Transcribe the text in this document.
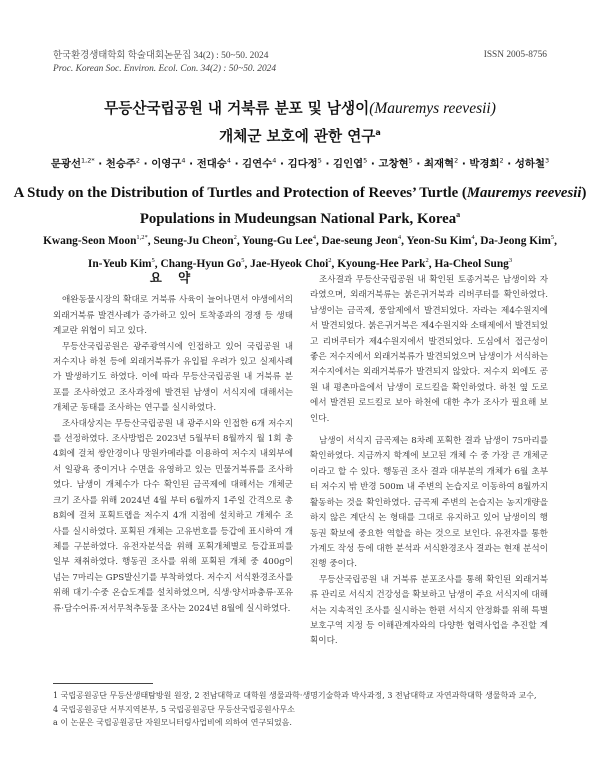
한국환경생태학회 학술대회논문집 34(2) : 50~50. 2024
Proc. Korean Soc. Environ. Ecol. Con. 34(2) : 50~50. 2024
ISSN 2005-8756
무등산국립공원 내 거북류 분포 및 남생이(Mauremys reevesii)
개체군 보호에 관한 연구$^a$
문광선$^{1,2*}$ · 천승주$^2$ · 이영구$^4$ · 전대승$^4$ · 김연수$^4$ · 김다정$^5$ · 김인엽$^5$ · 고창현$^5$ · 최재혁$^2$ · 박경희$^2$ · 성하철$^3$
A Study on the Distribution of Turtles and Protection of Reeves’ Turtle (Mauremys reevesii)
Populations in Mudeungsan National Park, Korea$^a$
Kwang-Seon Moon$^{1,2*}$, Seung-Ju Cheon$^2$, Young-Gu Lee$^4$, Dae-seung Jeon$^4$, Yeon-Su Kim$^4$, Da-Jeong Kim$^5$,
In-Yeub Kim$^5$, Chang-Hyun Go$^5$, Jae-Hyeok Choi$^2$, Kyoung-Hee Park$^2$, Ha-Cheol Sung$^3$
요 약

애완동물시장의 확대로 거북류 사육이 늘어나면서 야생에서의 외래거북류 발견사례가 증가하고 있어 토착종과의 경쟁 등 생태계교란 위협이 되고 있다.

무등산국립공원은 광주광역시에 인접하고 있어 국립공원 내 저수지나 하천 등에 외래거북류가 유입될 우려가 있고 실제사례가 발생하기도 하였다. 이에 따라 무등산국립공원 내 거북류 분포를 조사하였고 조사과정에 발견된 남생이 서식지에 대해서는 개체군 동태를 조사하는 연구를 실시하였다.

조사대상지는 무등산국립공원 내 광주시와 인접한 6개 저수지를 선정하였다. 조사방법은 2023년 5월부터 8월까지 월 1회 총 4회에 걸쳐 쌍안경이나 망원카메라를 이용하여 저수지 내외부에서 일광욕 중이거나 수면을 유영하고 있는 민물거북류를 조사하였다. 남생이 개체수가 다수 확인된 금곡제에 대해서는 개체군 크기 조사를 위해 2024년 4월 부터 6월까지 1주일 간격으로 총 8회에 걸쳐 포획트랩을 저수지 4개 지점에 설치하고 개체수 조사를 실시하였다. 포획된 개체는 고유번호를 등갑에 표시하여 개체를 구분하였다. 유전자분석을 위해 포획개체별로 등갑표피를 일부 채취하였다. 행동권 조사를 위해 포획된 개체 중 400g이 넘는 7마리는 GPS발신기를 부착하였다. 저수지 서식환경조사를 위해 대기·수중 온습도계를 설치하였으며, 식생·양서파충류·포유류·담수어류·저서무척추동물 조사는 2024년 8월에 실시하였다.

조사결과 무등산국립공원 내 확인된 토종거북은 남생이와 자라였으며, 외래거북류는 붉은귀거북과 리버쿠터를 확인하였다. 남생이는 금곡제, 풍암제에서 발견되었다. 자라는 제4수원지에서 발견되었다. 붉은귀거북은 제4수원지와 소태제에서 발견되었고 리버쿠터가 제4수원지에서 발견되었다. 도심에서 접근성이 좋은 저수지에서 외래거북류가 발견되었으며 남생이가 서식하는 저수지에서는 외래거북류가 발견되지 않았다. 저수지 외에도 공원 내 평촌마을에서 남생이 로드킬을 확인하였다. 하천 옆 도로에서 발견된 로드킬로 보아 하천에 대한 추가 조사가 필요해 보인다.

남생이 서식지 금곡제는 8차례 포획한 결과 남생이 75마리를 확인하였다. 지금까지 학계에 보고된 개체 수 중 가장 큰 개체군이라고 할 수 있다. 행동권 조사 결과 대부분의 개체가 6월 초부터 저수지 밖 반경 500m 내 주변의 논습지로 이동하여 8월까지 활동하는 것을 확인하였다. 금곡제 주변의 논습지는 농지개량을 하지 않은 계단식 논 형태를 그대로 유지하고 있어 남생이의 행동권 확보에 중요한 역할을 하는 것으로 보인다. 유전자를 통한 가계도 작성 등에 대한 분석과 서식환경조사 결과는 현재 분석이 진행 중이다.

무등산국립공원 내 거북류 분포조사를 통해 확인된 외래거북류 관리로 서식지 건강성을 확보하고 남생이 주요 서식지에 대해서는 지속적인 조사를 실시하는 한편 서식지 안정화를 위해 특별보호구역 지정 등 이해관계자와의 다양한 협력사업을 추진할 계획이다.

1 국립공원공단 무등산생태탐방원 원장, 2 전남대학교 대학원 생물과학·생명기술학과 박사과정, 3 전남대학교 자연과학대학 생물학과 교수,
4 국립공원공단 서부지역본부, 5 국립공원공단 무등산국립공원사무소
a 이 논문은 국립공원공단 자원모니터링사업비에 의하여 연구되었음.
